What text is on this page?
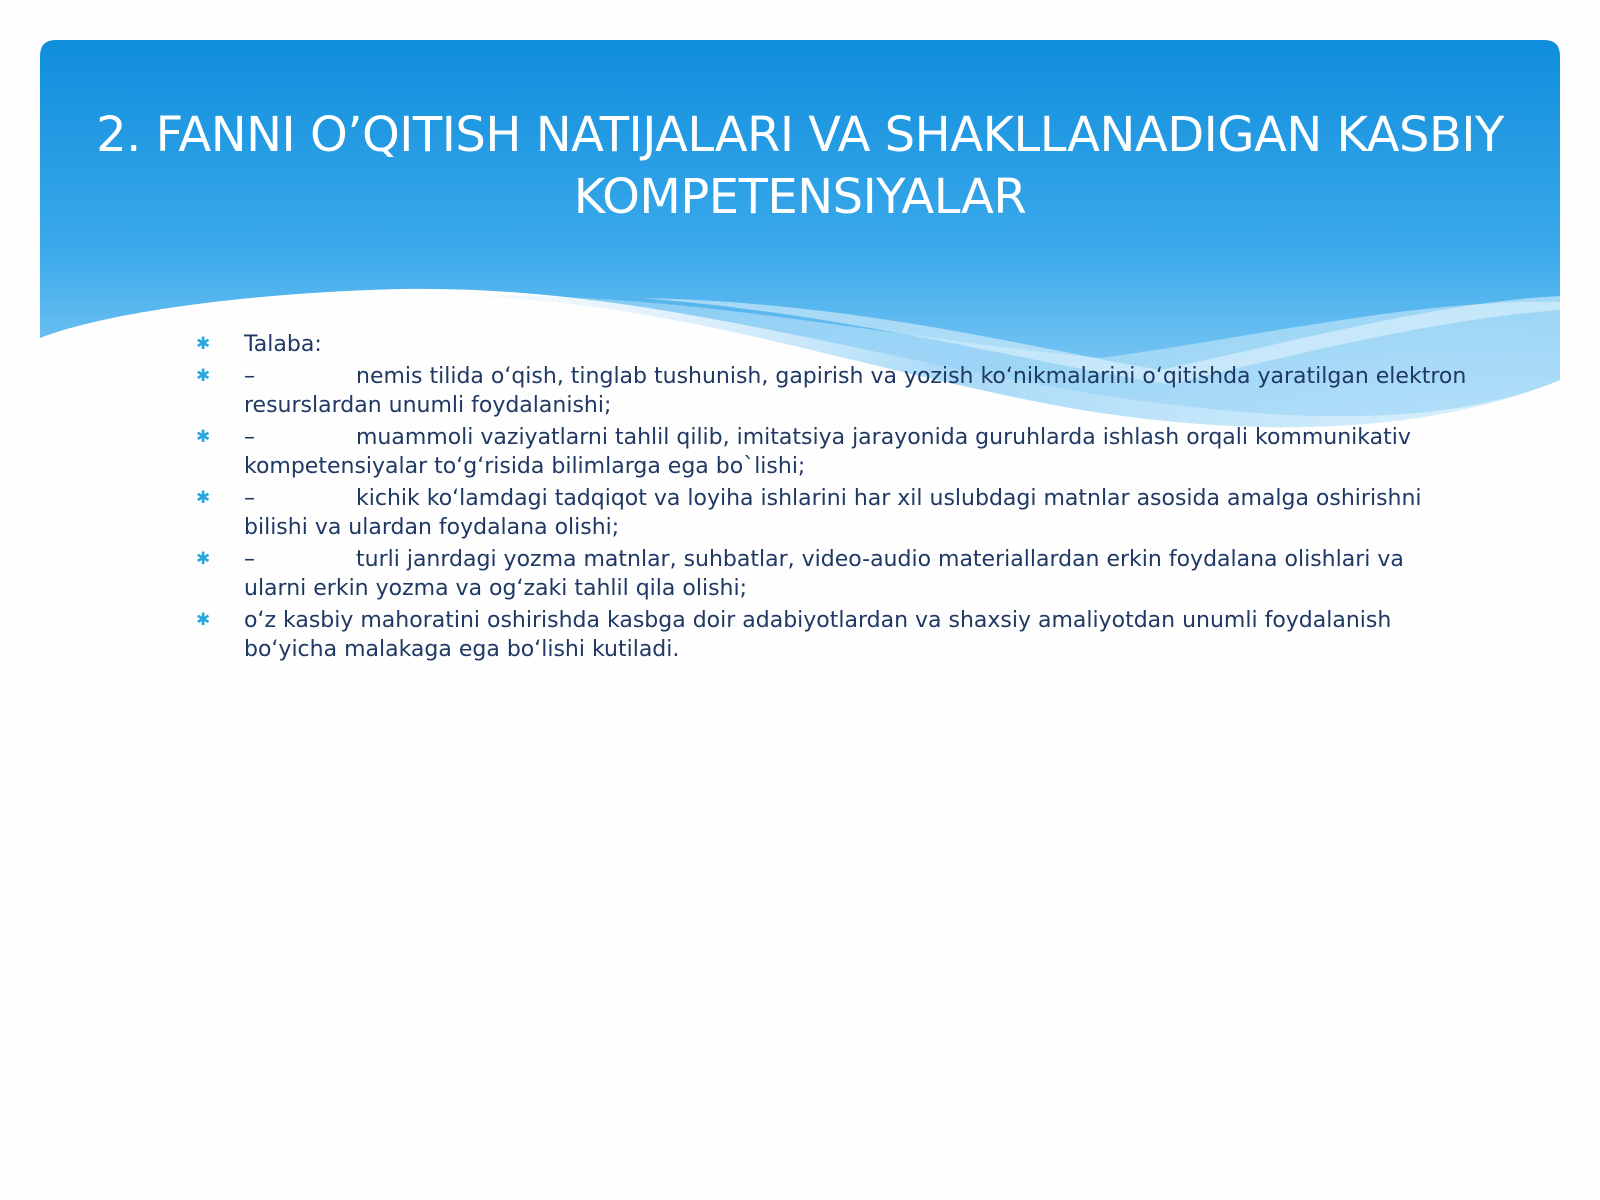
2. FANNI O’QITISH NATIJALARI VA SHAKLLANADIGAN KASBIY KOMPETENSIYALAR
✱ Talaba:
✱ –	nemis tilida o‘qish, tinglab tushunish, gapirish va yozish ko‘nikmalarini o‘qitishda yaratilgan elektron resurslardan unumli foydalanishi;
✱ –	muammoli vaziyatlarni tahlil qilib, imitatsiya jarayonida guruhlarda ishlash orqali kommunikativ kompetensiyalar to‘g‘risida bilimlarga ega bo`lishi;
✱ –	kichik ko‘lamdagi tadqiqot va loyiha ishlarini har xil uslubdagi matnlar asosida amalga oshirishni bilishi va ulardan foydalana olishi;
✱ –	turli janrdagi yozma matnlar, suhbatlar, video-audio materiallardan erkin foydalana olishlari va ularni erkin yozma va og‘zaki tahlil qila olishi;
✱ o‘z kasbiy mahoratini oshirishda kasbga doir adabiyotlardan va shaxsiy amaliyotdan unumli foydalanish bo‘yicha malakaga ega bo‘lishi kutiladi.
